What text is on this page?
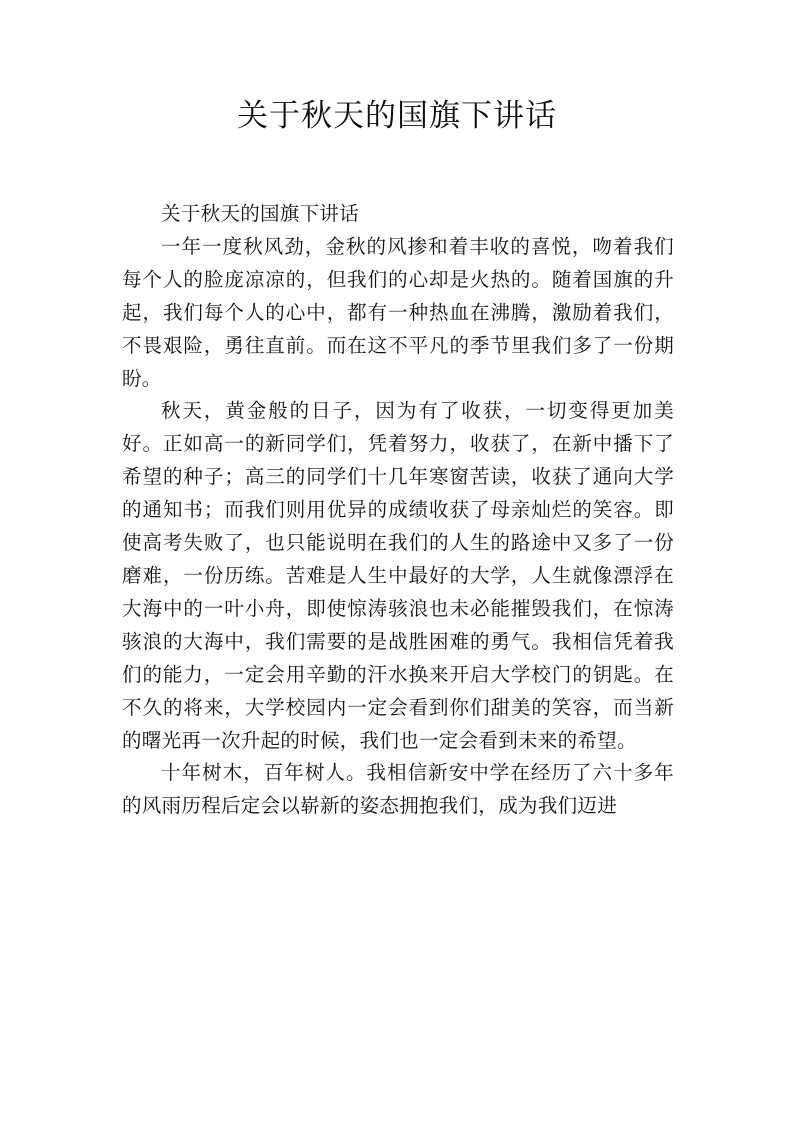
关于秋天的国旗下讲话

关于秋天的国旗下讲话

一年一度秋风劲，金秋的风掺和着丰收的喜悦，吻着我们每个人的脸庞凉凉的，但我们的心却是火热的。随着国旗的升起，我们每个人的心中，都有一种热血在沸腾，激励着我们，不畏艰险，勇往直前。而在这不平凡的季节里我们多了一份期盼。

秋天，黄金般的日子，因为有了收获，一切变得更加美好。正如高一的新同学们，凭着努力，收获了，在新中播下了希望的种子；高三的同学们十几年寒窗苦读，收获了通向大学的通知书；而我们则用优异的成绩收获了母亲灿烂的笑容。即使高考失败了，也只能说明在我们的人生的路途中又多了一份磨难，一份历练。苦难是人生中最好的大学，人生就像漂浮在大海中的一叶小舟，即使惊涛骇浪也未必能摧毁我们，在惊涛骇浪的大海中，我们需要的是战胜困难的勇气。我相信凭着我们的能力，一定会用辛勤的汗水换来开启大学校门的钥匙。在不久的将来，大学校园内一定会看到你们甜美的笑容，而当新的曙光再一次升起的时候，我们也一定会看到未来的希望。

十年树木，百年树人。我相信新安中学在经历了六十多年的风雨历程后定会以崭新的姿态拥抱我们，成为我们迈进
